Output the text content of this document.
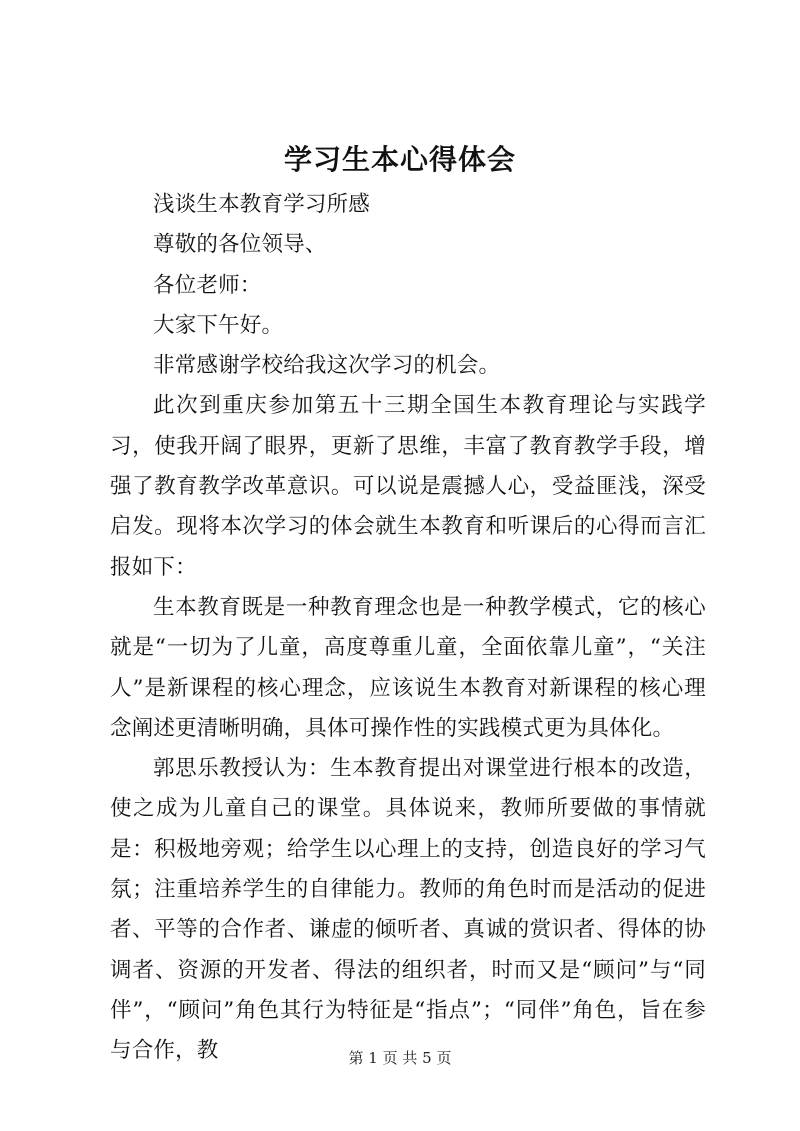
学习生本心得体会

浅谈生本教育学习所感

尊敬的各位领导、

各位老师：

大家下午好。

非常感谢学校给我这次学习的机会。

此次到重庆参加第五十三期全国生本教育理论与实践学习，使我开阔了眼界，更新了思维，丰富了教育教学手段，增强了教育教学改革意识。可以说是震撼人心，受益匪浅，深受启发。现将本次学习的体会就生本教育和听课后的心得而言汇报如下：

生本教育既是一种教育理念也是一种教学模式，它的核心就是“一切为了儿童，高度尊重儿童，全面依靠儿童”，“关注人”是新课程的核心理念，应该说生本教育对新课程的核心理念阐述更清晰明确，具体可操作性的实践模式更为具体化。

郭思乐教授认为：生本教育提出对课堂进行根本的改造，使之成为儿童自己的课堂。具体说来，教师所要做的事情就是：积极地旁观；给学生以心理上的支持，创造良好的学习气氛；注重培养学生的自律能力。教师的角色时而是活动的促进者、平等的合作者、谦虚的倾听者、真诚的赏识者、得体的协调者、资源的开发者、得法的组织者，时而又是“顾问”与“同伴”，“顾问”角色其行为特征是“指点”；“同伴”角色，旨在参与合作，教	第 1 页 共 5 页
